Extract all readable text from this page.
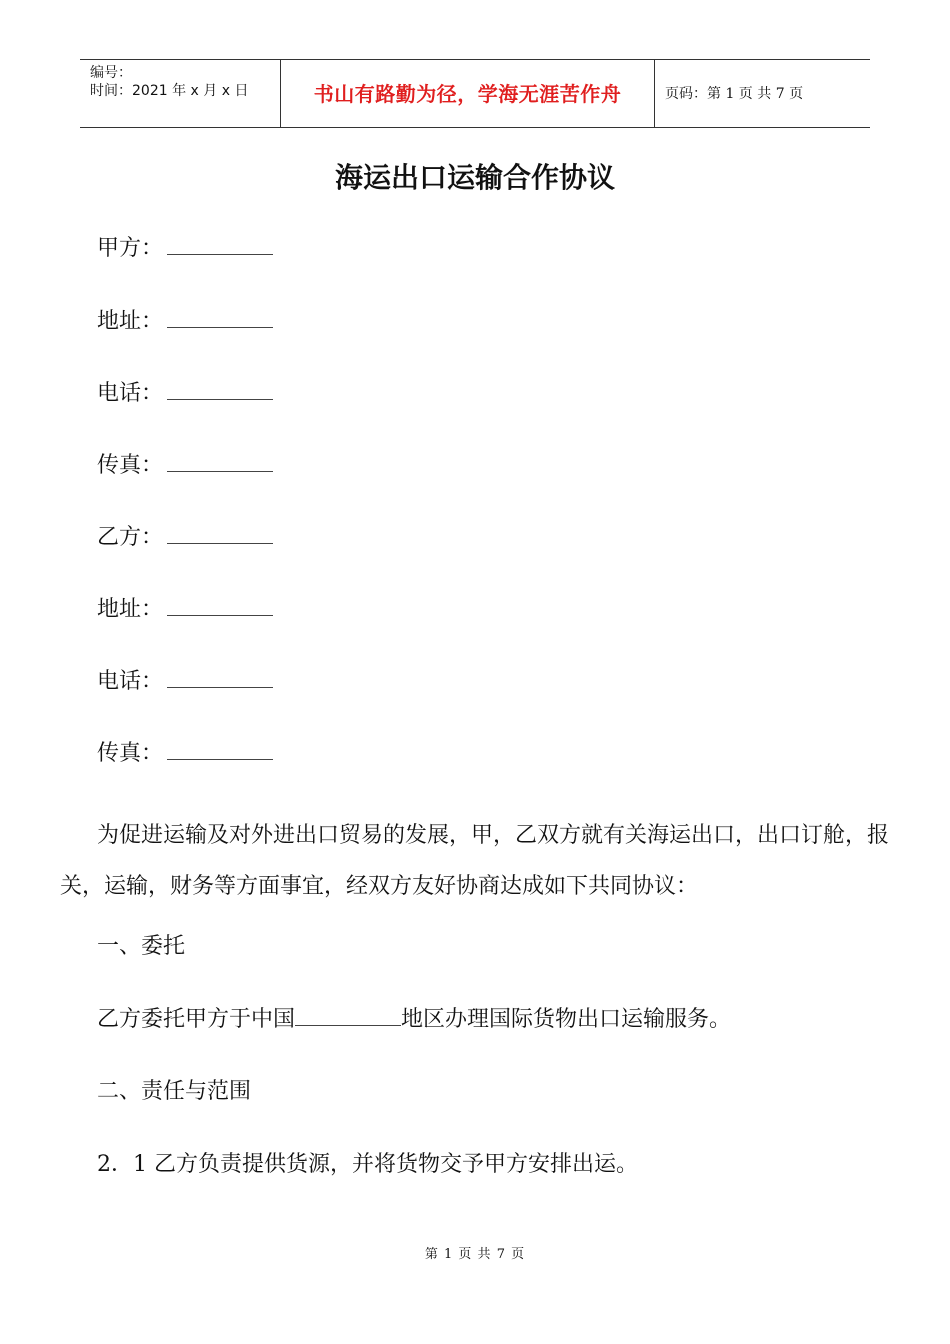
编号：
时间：2021 年 x 月 x 日	书山有路勤为径，学海无涯苦作舟	页码：第 1 页 共 7 页
海运出口运输合作协议
甲方：
地址：
电话：
传真：
乙方：
地址：
电话：
传真：

为促进运输及对外进出口贸易的发展，甲，乙双方就有关海运出口，出口订舱，报关，运输，财务等方面事宜，经双方友好协商达成如下共同协议：

一、委托
乙方委托甲方于中国	地区办理国际货物出口运输服务。
二、责任与范围
2．1 乙方负责提供货源，并将货物交予甲方安排出运。
第 1 页 共 7 页
